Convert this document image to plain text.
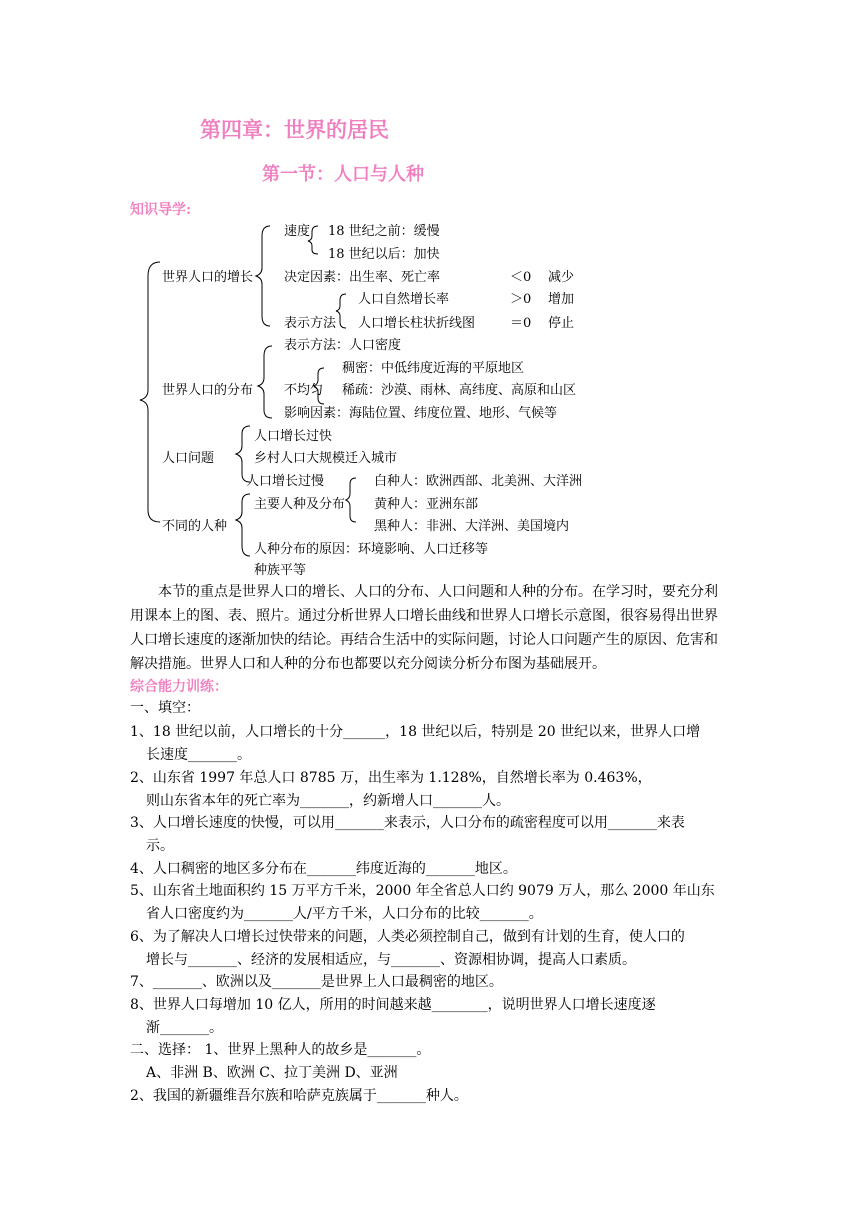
第四章：世界的居民
第一节：人口与人种
知识导学:
速度 18 世纪之前：缓慢
18 世纪以后：加快
世界人口的增长 决定因素：出生率、死亡率	＜0 减少
人口自然增长率	＞0 增加
表示方法 人口增长柱状折线图	＝0 停止
表示方法：人口密度
稠密：中低纬度近海的平原地区
世界人口的分布 不均匀 稀疏：沙漠、雨林、高纬度、高原和山区
影响因素：海陆位置、纬度位置、地形、气候等
人口增长过快
乡村人口大规模迁入城市
人口问题
人口增长过慢	白种人：欧洲西部、北美洲、大洋洲
主要人种及分布 黄种人：亚洲东部
不同的人种	黑种人：非洲、大洋洲、美国境内
人种分布的原因：环境影响、人口迁移等
种族平等
本节的重点是世界人口的增长、人口的分布、人口问题和人种的分布。在学习时，要充分利用课本上的图、表、照片。通过分析世界人口增长曲线和世界人口增长示意图，很容易得出世界人口增长速度的逐渐加快的结论。再结合生活中的实际问题，讨论人口问题产生的原因、危害和解决措施。世界人口和人种的分布也都要以充分阅读分析分布图为基础展开。
综合能力训练：
一、填空：
1、18 世纪以前，人口增长的十分______，18 世纪以后，特别是 20 世纪以来，世界人口增
长速度_______。
2、山东省 1997 年总人口 8785 万，出生率为 1.128%，自然增长率为 0.463%，
则山东省本年的死亡率为_______，约新增人口_______人。
3、人口增长速度的快慢，可以用_______来表示，人口分布的疏密程度可以用_______来表
示。
4、人口稠密的地区多分布在_______纬度近海的_______地区。
5、山东省土地面积约 15 万平方千米，2000 年全省总人口约 9079 万人，那么 2000 年山东
省人口密度约为_______人/平方千米，人口分布的比较_______。
6、为了解决人口增长过快带来的问题，人类必须控制自己，做到有计划的生育，使人口的
增长与_______、经济的发展相适应，与_______、资源相协调，提高人口素质。
7、_______、欧洲以及_______是世界上人口最稠密的地区。
8、世界人口每增加 10 亿人，所用的时间越来越________，说明世界人口增长速度逐
渐_______。
二、选择： 1、世界上黑种人的故乡是_______。
A、非洲 B、欧洲 C、拉丁美洲 D、亚洲
2、我国的新疆维吾尔族和哈萨克族属于_______种人。
